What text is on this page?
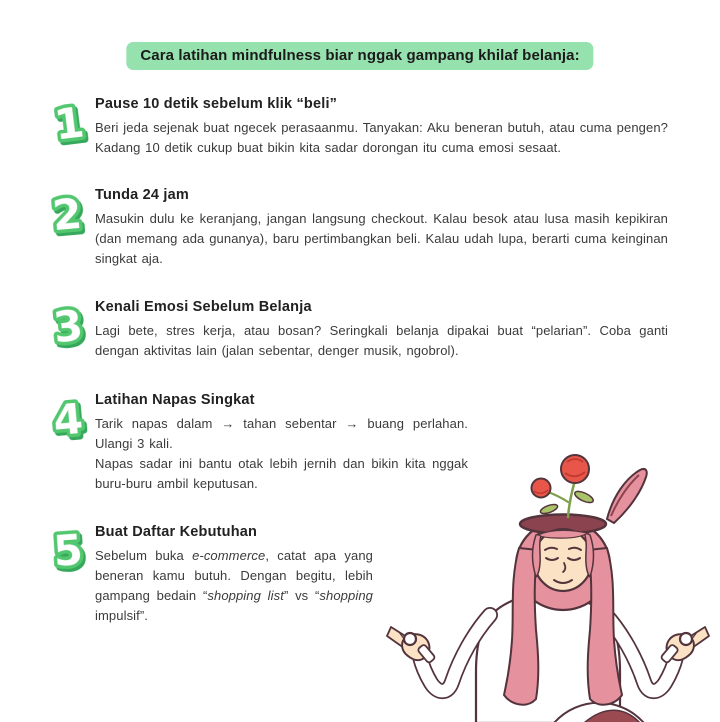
Cara latihan mindfulness biar nggak gampang khilaf belanja:
1 Pause 10 detik sebelum klik “beli”

Beri jeda sejenak buat ngecek perasaanmu. Tanyakan: Aku beneran butuh, atau cuma pengen? Kadang 10 detik cukup buat bikin kita sadar dorongan itu cuma emosi sesaat.

2 Tunda 24 jam

Masukin dulu ke keranjang, jangan langsung checkout. Kalau besok atau lusa masih kepikiran (dan memang ada gunanya), baru pertimbangkan beli. Kalau udah lupa, berarti cuma keinginan singkat aja.

3 Kenali Emosi Sebelum Belanja

Lagi bete, stres kerja, atau bosan? Seringkali belanja dipakai buat “pelarian”. Coba ganti dengan aktivitas lain (jalan sebentar, denger musik, ngobrol).

4 Latihan Napas Singkat

Tarik napas dalam → tahan sebentar → buang perlahan. Ulangi 3 kali.

Napas sadar ini bantu otak lebih jernih dan bikin kita nggak buru-buru ambil keputusan.

5 Buat Daftar Kebutuhan

Sebelum buka e-commerce, catat apa yang beneran kamu butuh. Dengan begitu, lebih gampang bedain “shopping list” vs “shopping impulsif”.
